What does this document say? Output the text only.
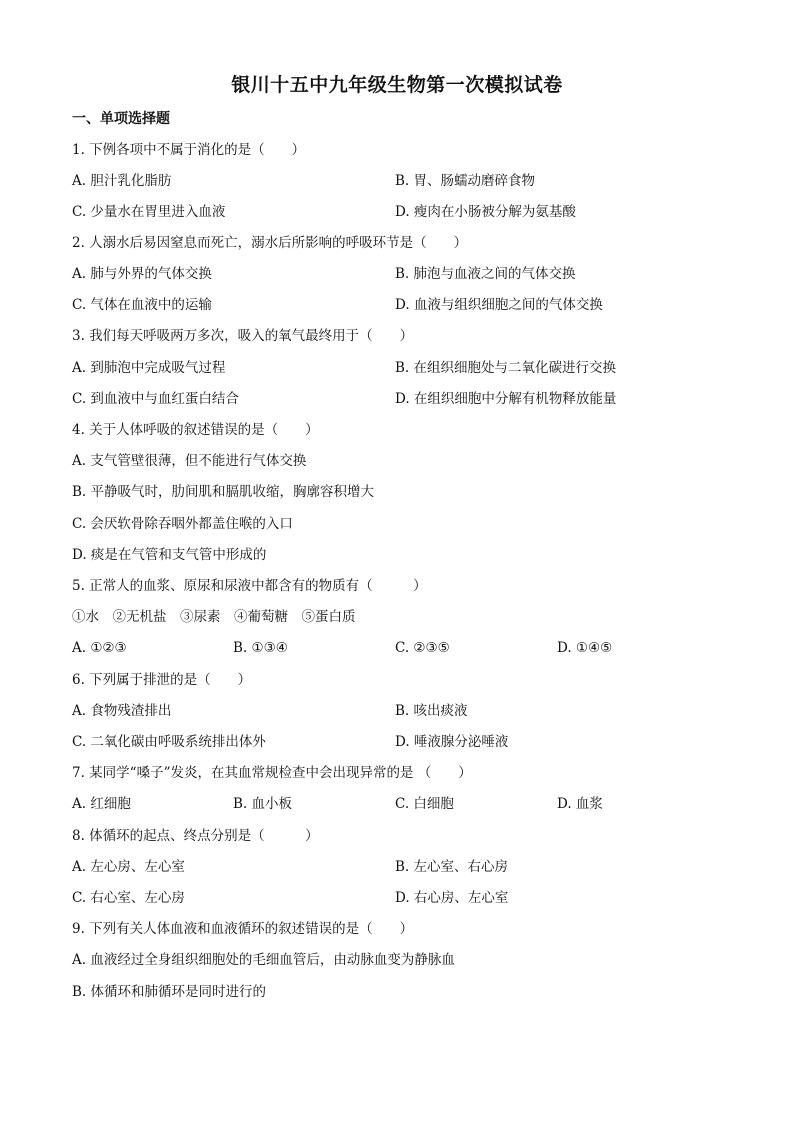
银川十五中九年级生物第一次模拟试卷
一、单项选择题
1. 下例各项中不属于消化的是（　　）
A. 胆汁乳化脂肪	B. 胃、肠蠕动磨碎食物
C. 少量水在胃里进入血液	D. 瘦肉在小肠被分解为氨基酸
2. 人溺水后易因窒息而死亡，溺水后所影响的呼吸环节是（　　）
A. 肺与外界的气体交换	B. 肺泡与血液之间的气体交换
C. 气体在血液中的运输	D. 血液与组织细胞之间的气体交换
3. 我们每天呼吸两万多次，吸入的氧气最终用于（　　）
A. 到肺泡中完成吸气过程	B. 在组织细胞处与二氧化碳进行交换
C. 到血液中与血红蛋白结合	D. 在组织细胞中分解有机物释放能量
4. 关于人体呼吸的叙述错误的是（　　）
A. 支气管壁很薄，但不能进行气体交换
B. 平静吸气时，肋间肌和膈肌收缩，胸廓容积增大
C. 会厌软骨除吞咽外都盖住喉的入口
D. 痰是在气管和支气管中形成的
5. 正常人的血浆、原尿和尿液中都含有的物质有（　　　）
①水　②无机盐　③尿素　④葡萄糖　⑤蛋白质
A. ①②③	B. ①③④	C. ②③⑤	D. ①④⑤
6. 下列属于排泄的是（　　）
A. 食物残渣排出	B. 咳出痰液
C. 二氧化碳由呼吸系统排出体外	D. 唾液腺分泌唾液
7. 某同学“嗓子”发炎，在其血常规检查中会出现异常的是 （　　）
A. 红细胞	B. 血小板	C. 白细胞	D. 血浆
8. 体循环的起点、终点分别是（　　　）
A. 左心房、左心室	B. 左心室、右心房
C. 右心室、左心房	D. 右心房、左心室
9. 下列有关人体血液和血液循环的叙述错误的是（　　）
A. 血液经过全身组织细胞处的毛细血管后，由动脉血变为静脉血
B. 体循环和肺循环是同时进行的
